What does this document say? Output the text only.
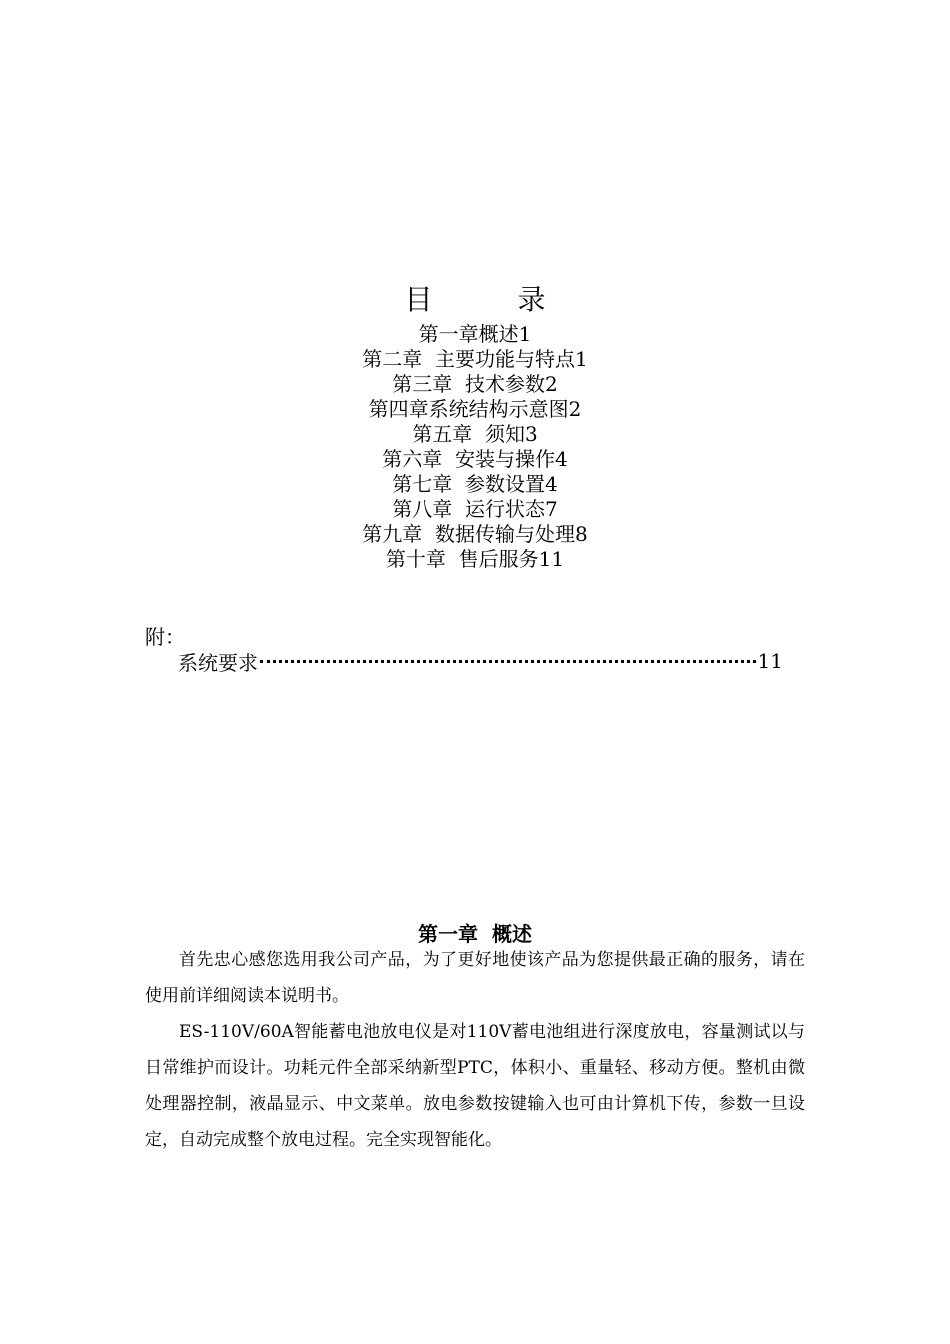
目 录
第一章概述1
第二章  主要功能与特点1
第三章  技术参数2
第四章系统结构示意图2
第五章  须知3
第六章  安装与操作4
第七章  参数设置4
第八章  运行状态7
第九章  数据传输与处理8
第十章  售后服务11
附：
系统要求	11
第一章  概述

首先忠心感您选用我公司产品，为了更好地使该产品为您提供最正确的服务，请在使用前详细阅读本说明书。

ES-110V/60A智能蓄电池放电仪是对110V蓄电池组进行深度放电，容量测试以与日常维护而设计。功耗元件全部采纳新型PTC，体积小、重量轻、移动方便。整机由微处理器控制，液晶显示、中文菜单。放电参数按键输入也可由计算机下传，参数一旦设定，自动完成整个放电过程。完全实现智能化。
